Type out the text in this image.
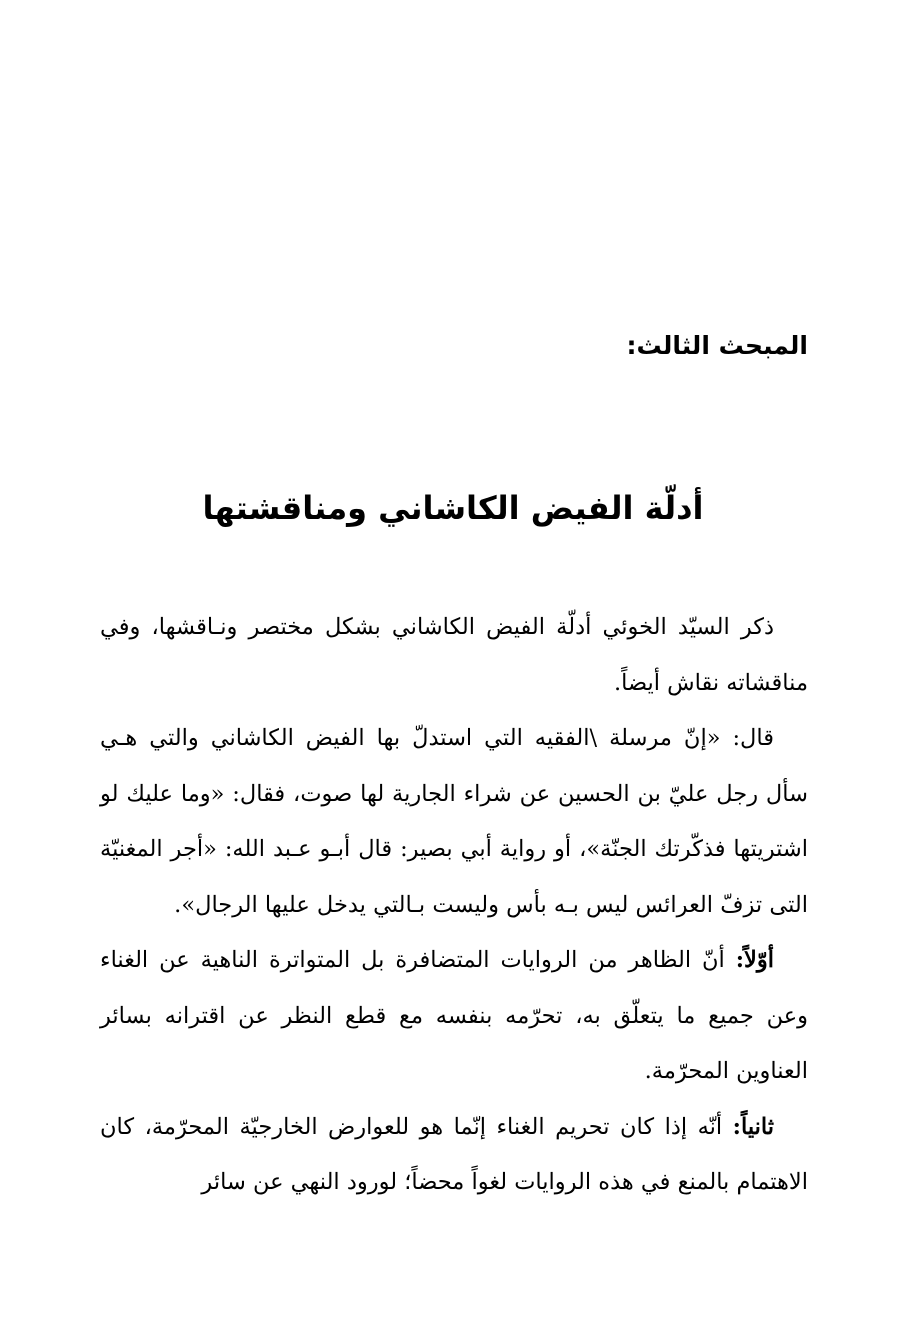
المبحث الثالث:
أدلّة الفيض الكاشاني ومناقشتها

ذكر السيّد الخوئي أدلّة الفيض الكاشاني بشكل مختصر ونـاقشها، وفي مناقشاته نقاش أيضاً.

قال: «إنّ مرسلة \الفقيه التي استدلّ بها الفيض الكاشاني والتي هـي سأل رجل عليّ بن الحسين عن شراء الجارية لها صوت، فقال: «وما عليك لو اشتريتها فذكّرتك الجنّة»، أو رواية أبي بصير: قال أبـو عـبد الله: «أجر المغنيّة التى تزفّ العرائس ليس بـه بأس وليست بـالتي يدخل عليها الرجال».

أوّلاً: أنّ الظاهر من الروايات المتضافرة بل المتواترة الناهية عن الغناء وعن جميع ما يتعلّق به، تحرّمه بنفسه مع قطع النظر عن اقترانه بسائر العناوين المحرّمة.

ثانياً: أنّه إذا كان تحريم الغناء إنّما هو للعوارض الخارجيّة المحرّمة، كان الاهتمام بالمنع في هذه الروايات لغواً محضاً؛ لورود النهي عن سائر
